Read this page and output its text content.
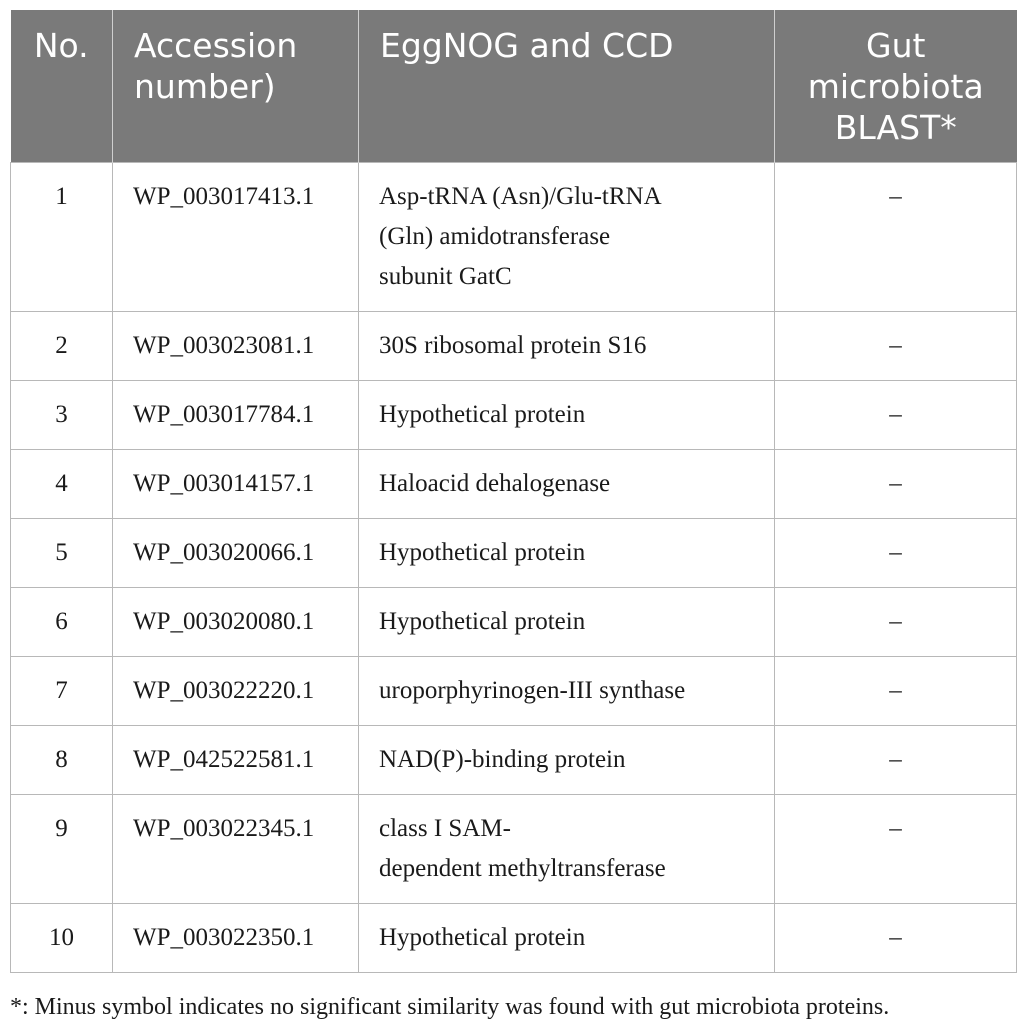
No.	Accession number)	EggNOG and CCD	Gut microbiota BLAST*
1	WP_003017413.1	Asp-tRNA (Asn)/Glu-tRNA
(Gln) amidotransferase
subunit GatC	–
2	WP_003023081.1	30S ribosomal protein S16	–
3	WP_003017784.1	Hypothetical protein	–
4	WP_003014157.1	Haloacid dehalogenase	–
5	WP_003020066.1	Hypothetical protein	–
6	WP_003020080.1	Hypothetical protein	–
7	WP_003022220.1	uroporphyrinogen-III synthase	–
8	WP_042522581.1	NAD(P)-binding protein	–
9	WP_003022345.1	class I SAM-
dependent methyltransferase	–
10	WP_003022350.1	Hypothetical protein	–
*: Minus symbol indicates no significant similarity was found with gut microbiota proteins.
